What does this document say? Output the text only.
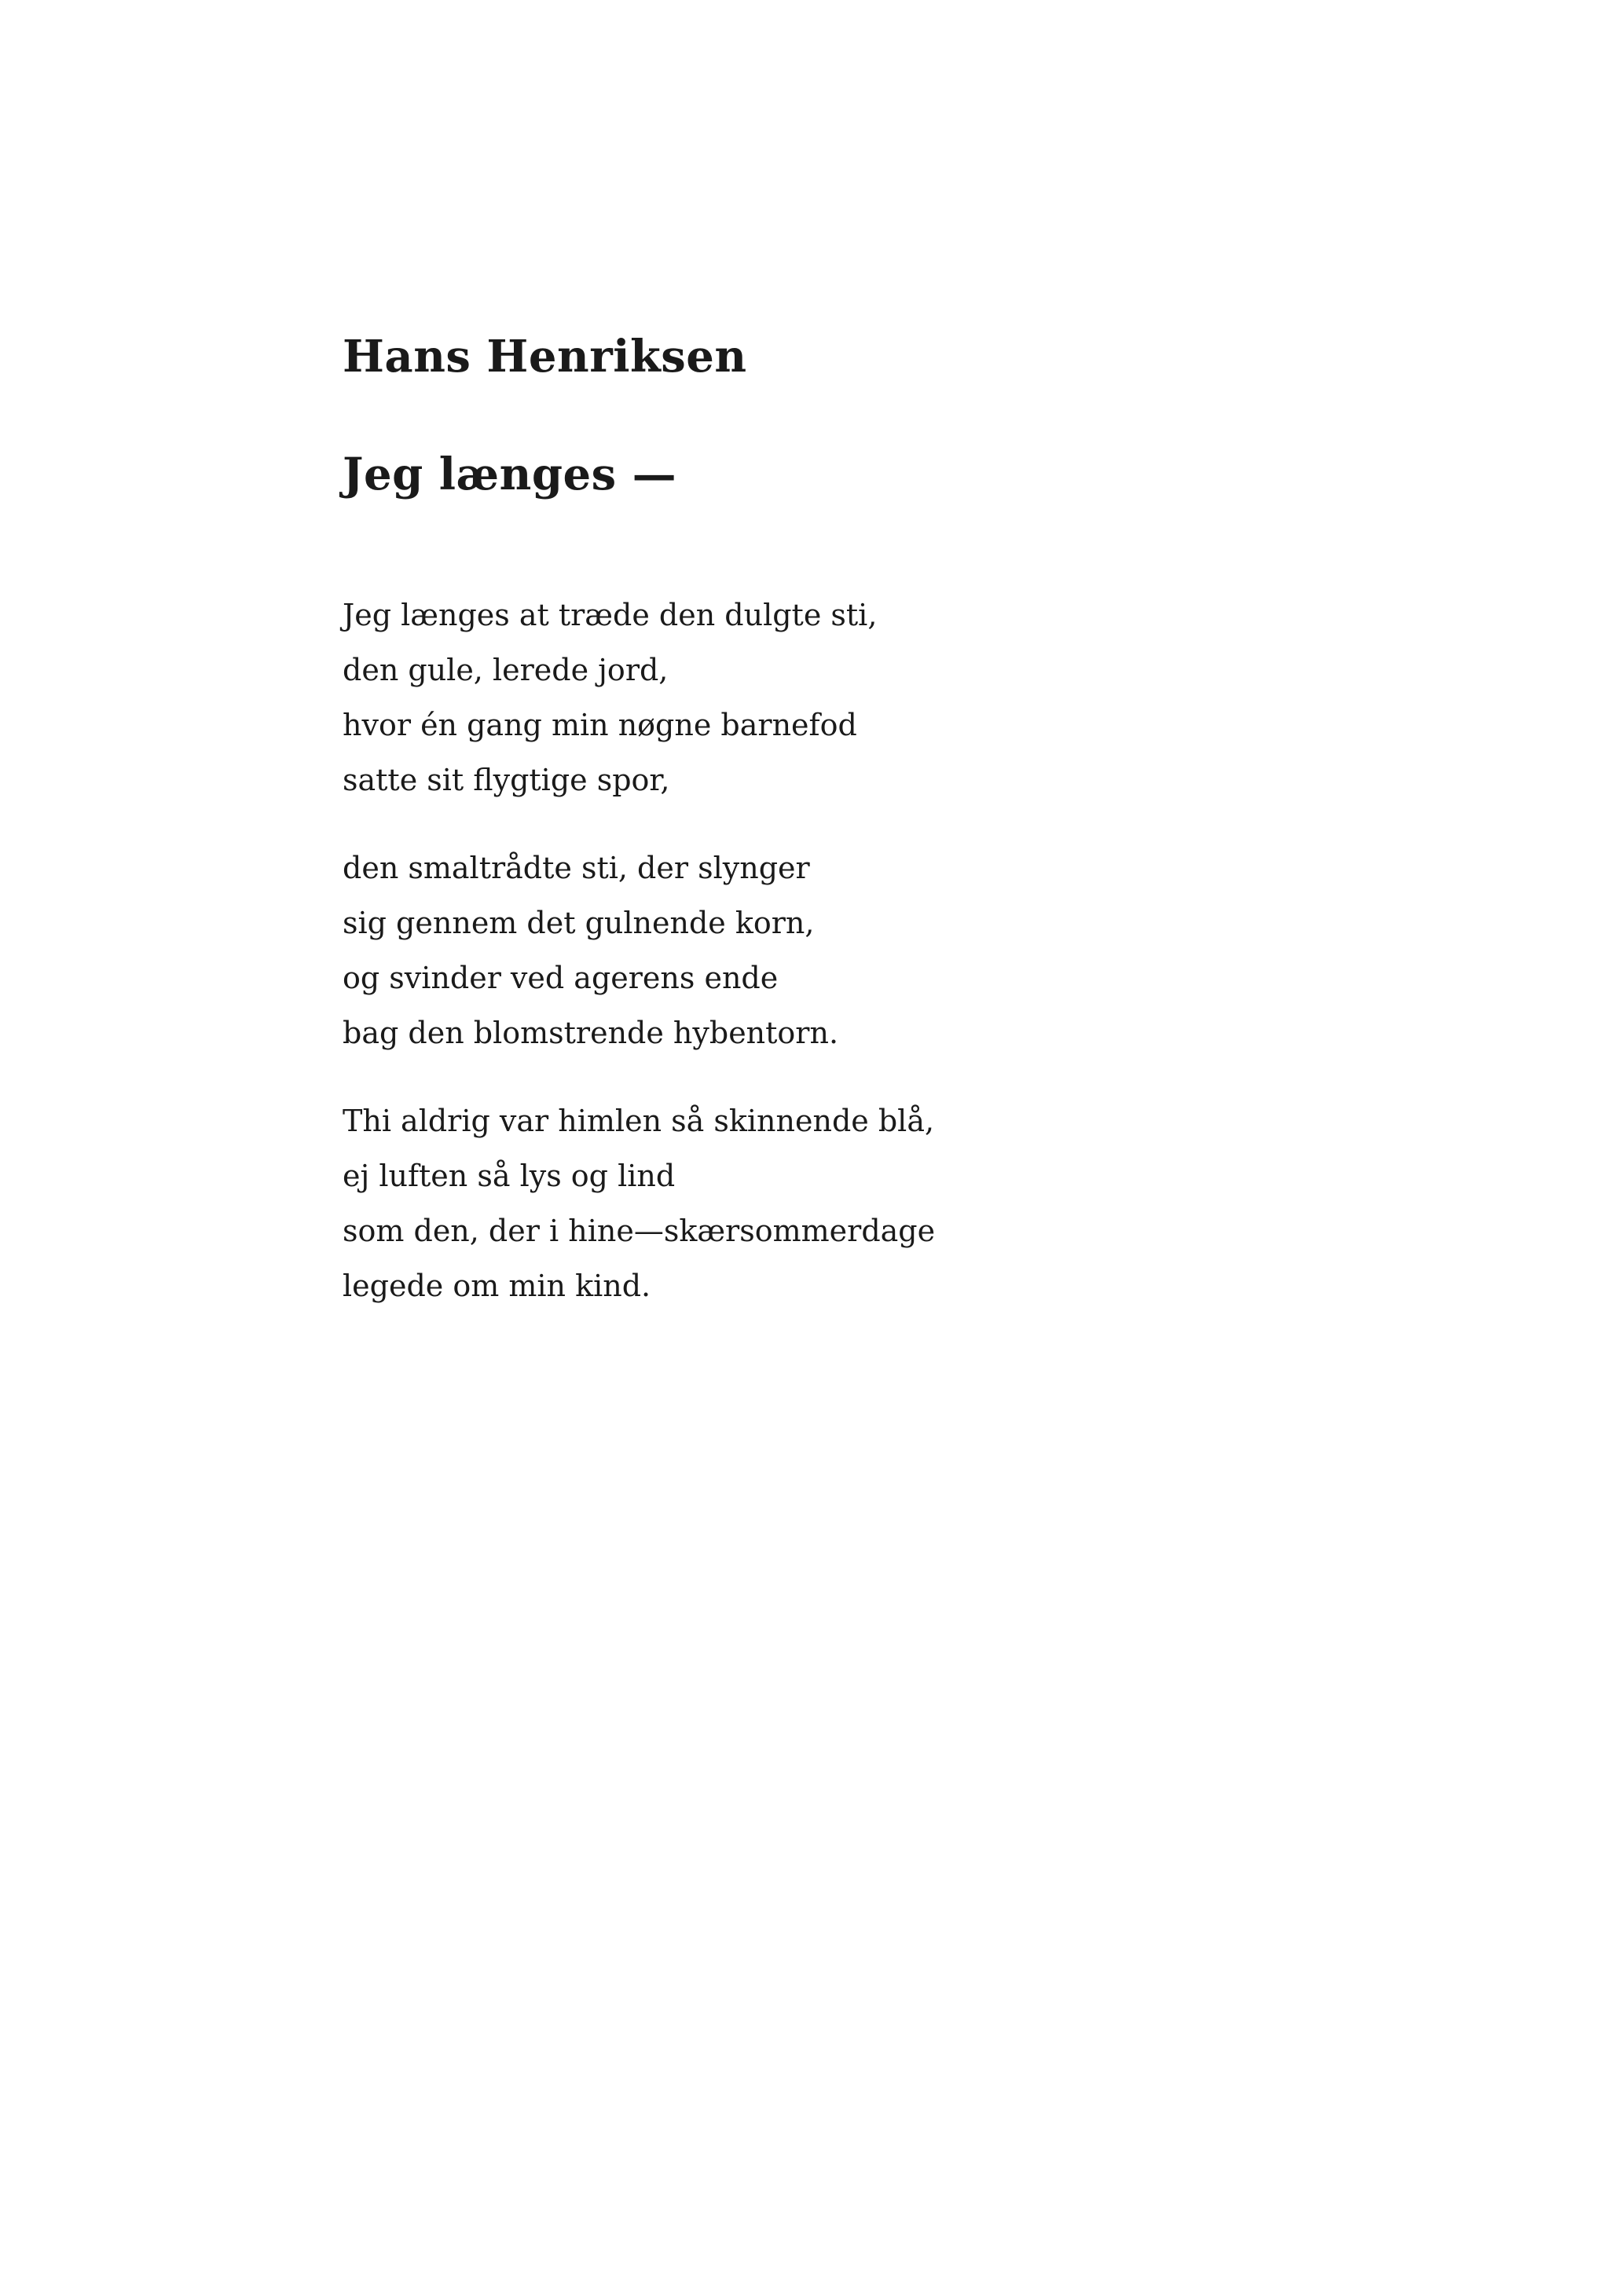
Hans Henriksen
Jeg længes —
Jeg længes at træde den dulgte sti,
den gule, lerede jord,
hvor én gang min nøgne barnefod
satte sit flygtige spor,
den smaltrådte sti, der slynger
sig gennem det gulnende korn,
og svinder ved agerens ende
bag den blomstrende hybentorn.
Thi aldrig var himlen så skinnende blå,
ej luften så lys og lind
som den, der i hine—skærsommerdage
legede om min kind.
